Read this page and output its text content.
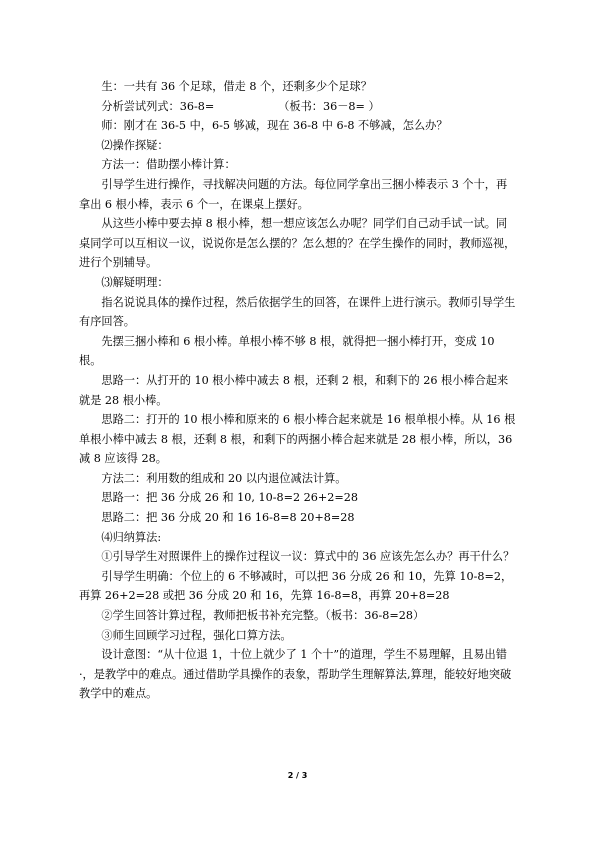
生：一共有 36 个足球，借走 8 个，还剩多少个足球？

分析尝试列式：36-8=	（板书：36－8= ）

师：刚才在 36-5 中，6-5 够减，现在 36-8 中 6-8 不够减，怎么办？

⑵操作探疑：

方法一：借助摆小棒计算：

引导学生进行操作，寻找解决问题的方法。每位同学拿出三捆小棒表示 3 个十，再拿出 6 根小棒，表示 6 个一，在课桌上摆好。

从这些小棒中要去掉 8 根小棒，想一想应该怎么办呢？同学们自己动手试一试。同桌同学可以互相议一议，说说你是怎么摆的？怎么想的？在学生操作的同时，教师巡视，进行个别辅导。

⑶解疑明理：

指名说说具体的操作过程，然后依据学生的回答，在课件上进行演示。教师引导学生有序回答。

先摆三捆小棒和 6 根小棒。单根小棒不够 8 根，就得把一捆小棒打开，变成 10 根。

思路一：从打开的 10 根小棒中减去 8 根，还剩 2 根，和剩下的 26 根小棒合起来就是 28 根小棒。

思路二：打开的 10 根小棒和原来的 6 根小棒合起来就是 16 根单根小棒。从 16 根单根小棒中减去 8 根，还剩 8 根，和剩下的两捆小棒合起来就是 28 根小棒，所以，36 减 8 应该得 28。

方法二：利用数的组成和 20 以内退位减法计算。

思路一：把 36 分成 26 和 10, 10-8=2 26+2=28

思路二：把 36 分成 20 和 16 16-8=8 20+8=28

⑷归纳算法:

①引导学生对照课件上的操作过程议一议：算式中的 36 应该先怎么办？再干什么？

引导学生明确：个位上的 6 不够减时，可以把 36 分成 26 和 10，先算 10-8=2，再算 26+2=28 或把 36 分成 20 和 16，先算 16-8=8，再算 20+8=28

②学生回答计算过程，教师把板书补充完整。（板书：36-8=28）

③师生回顾学习过程，强化口算方法。

设计意图：“从十位退 1，十位上就少了 1 个十”的道理，学生不易理解，且易出错·，是教学中的难点。通过借助学具操作的表象，帮助学生理解算法,算理，能较好地突破教学中的难点。

2 / 3
